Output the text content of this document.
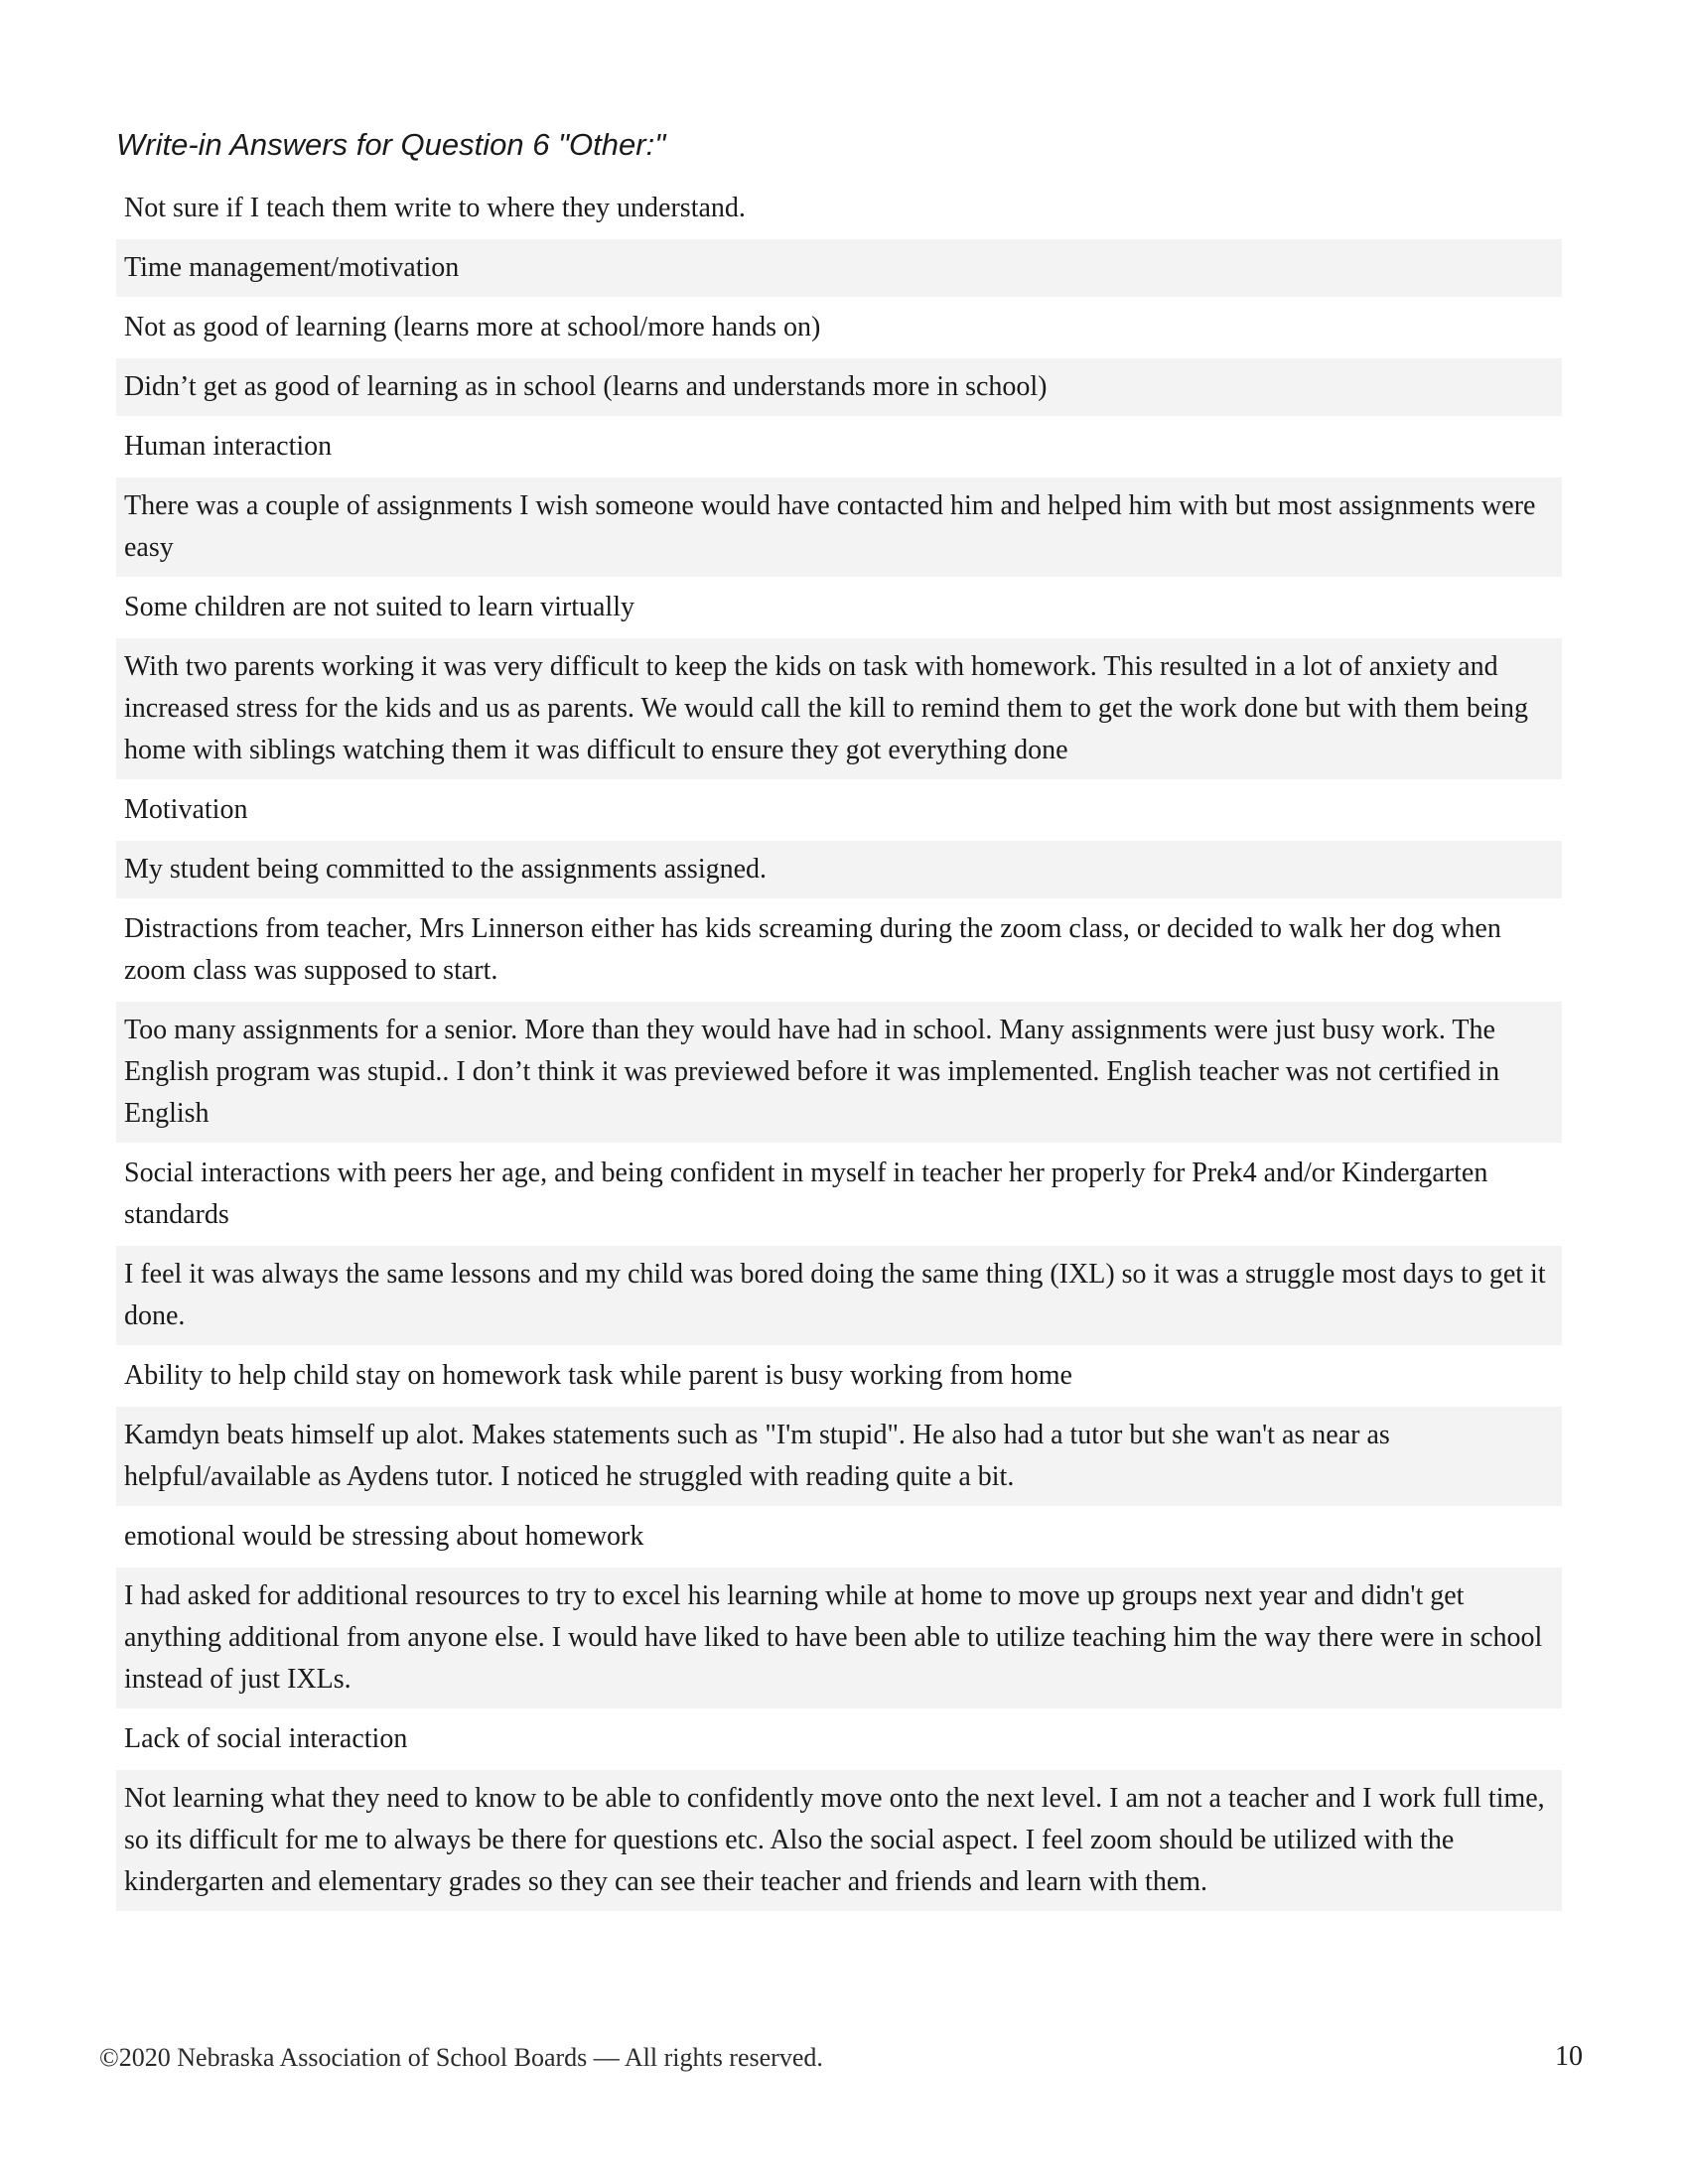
Write-in Answers for Question 6 "Other:"
Not sure if I teach them write to where they understand.
Time management/motivation
Not as good of learning (learns more at school/more hands on)
Didn’t get as good of learning as in school (learns and understands more in school)
Human interaction
There was a couple of assignments I wish someone would have contacted him and helped him with but most assignments were easy
Some children are not suited to learn virtually
With two parents working it was very difficult to keep the kids on task with homework. This resulted in a lot of anxiety and increased stress for the kids and us as parents. We would call the kill to remind them to get the work done but with them being home with siblings watching them it was difficult to ensure they got everything done
Motivation
My student being committed to the assignments assigned.
Distractions from teacher, Mrs Linnerson either has kids screaming during the zoom class, or decided to walk her dog when zoom class was supposed to start.
Too many assignments for a senior. More than they would have had in school. Many assignments were just busy work. The English program was stupid.. I don’t think it was previewed before it was implemented. English teacher was not certified in English
Social interactions with peers her age, and being confident in myself in teacher her properly for Prek4 and/or Kindergarten standards
I feel it was always the same lessons and my child was bored doing the same thing (IXL) so it was a struggle most days to get it done.
Ability to help child stay on homework task while parent is busy working from home
Kamdyn beats himself up alot. Makes statements such as "I'm stupid". He also had a tutor but she wan't as near as helpful/available as Aydens tutor. I noticed he struggled with reading quite a bit.
emotional would be stressing about homework
I had asked for additional resources to try to excel his learning while at home to move up groups next year and didn't get anything additional from anyone else. I would have liked to have been able to utilize teaching him the way there were in school instead of just IXLs.
Lack of social interaction
Not learning what they need to know to be able to confidently move onto the next level. I am not a teacher and I work full time, so its difficult for me to always be there for questions etc. Also the social aspect. I feel zoom should be utilized with the kindergarten and elementary grades so they can see their teacher and friends and learn with them.
©2020 Nebraska Association of School Boards — All rights reserved.	10
